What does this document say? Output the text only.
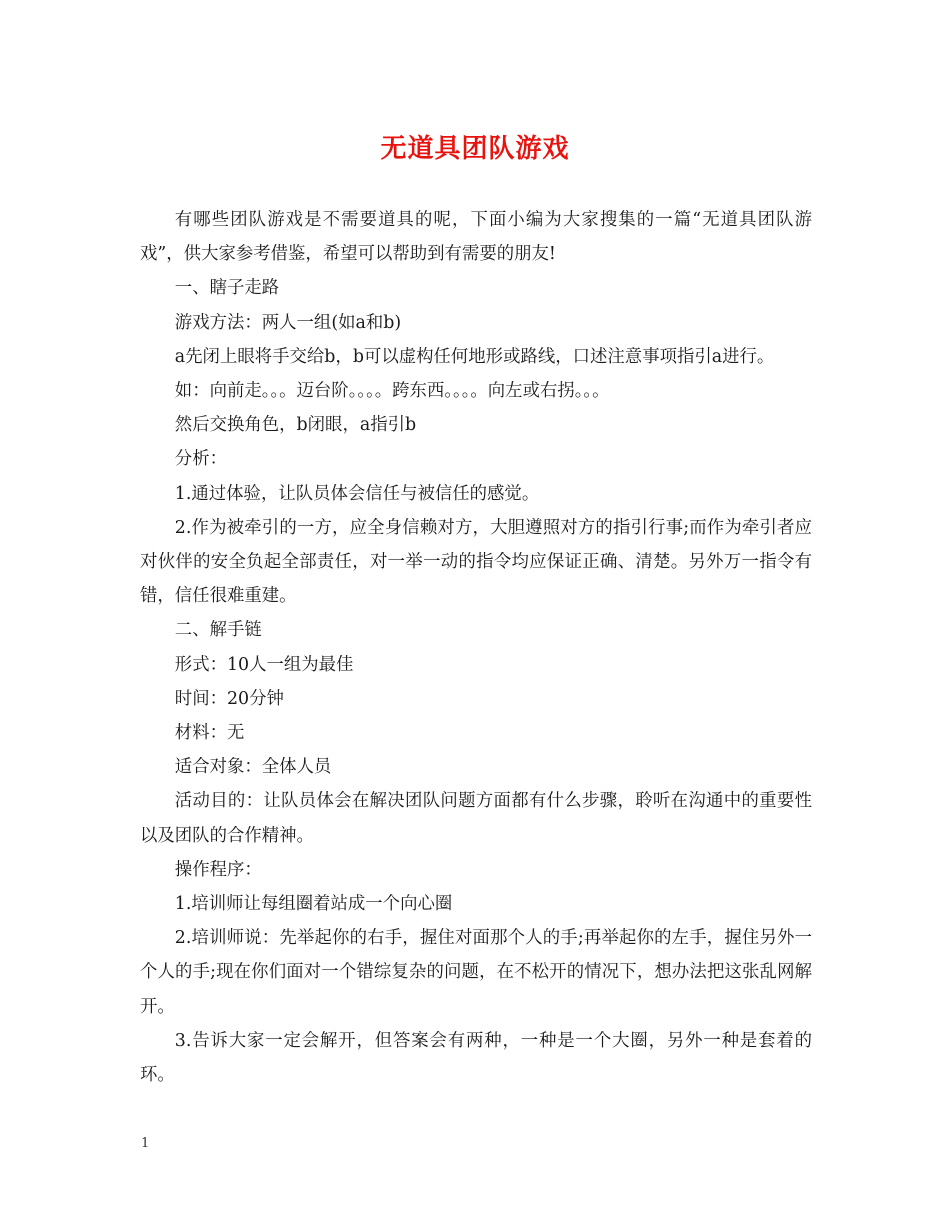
无道具团队游戏

有哪些团队游戏是不需要道具的呢，下面小编为大家搜集的一篇“无道具团队游戏”，供大家参考借鉴，希望可以帮助到有需要的朋友!

一、瞎子走路

游戏方法：两人一组(如a和b)

a先闭上眼将手交给b，b可以虚构任何地形或路线，口述注意事项指引a进行。

如：向前走。。。迈台阶。。。。跨东西。。。。向左或右拐。。。

然后交换角色，b闭眼，a指引b

分析：

1.通过体验，让队员体会信任与被信任的感觉。

2.作为被牵引的一方，应全身信赖对方，大胆遵照对方的指引行事;而作为牵引者应对伙伴的安全负起全部责任，对一举一动的指令均应保证正确、清楚。另外万一指令有错，信任很难重建。

二、解手链

形式：10人一组为最佳

时间：20分钟

材料：无

适合对象：全体人员

活动目的：让队员体会在解决团队问题方面都有什么步骤，聆听在沟通中的重要性以及团队的合作精神。

操作程序：

1.培训师让每组圈着站成一个向心圈

2.培训师说：先举起你的右手，握住对面那个人的手;再举起你的左手，握住另外一个人的手;现在你们面对一个错综复杂的问题，在不松开的情况下，想办法把这张乱网解开。

3.告诉大家一定会解开，但答案会有两种，一种是一个大圈，另外一种是套着的环。

1
